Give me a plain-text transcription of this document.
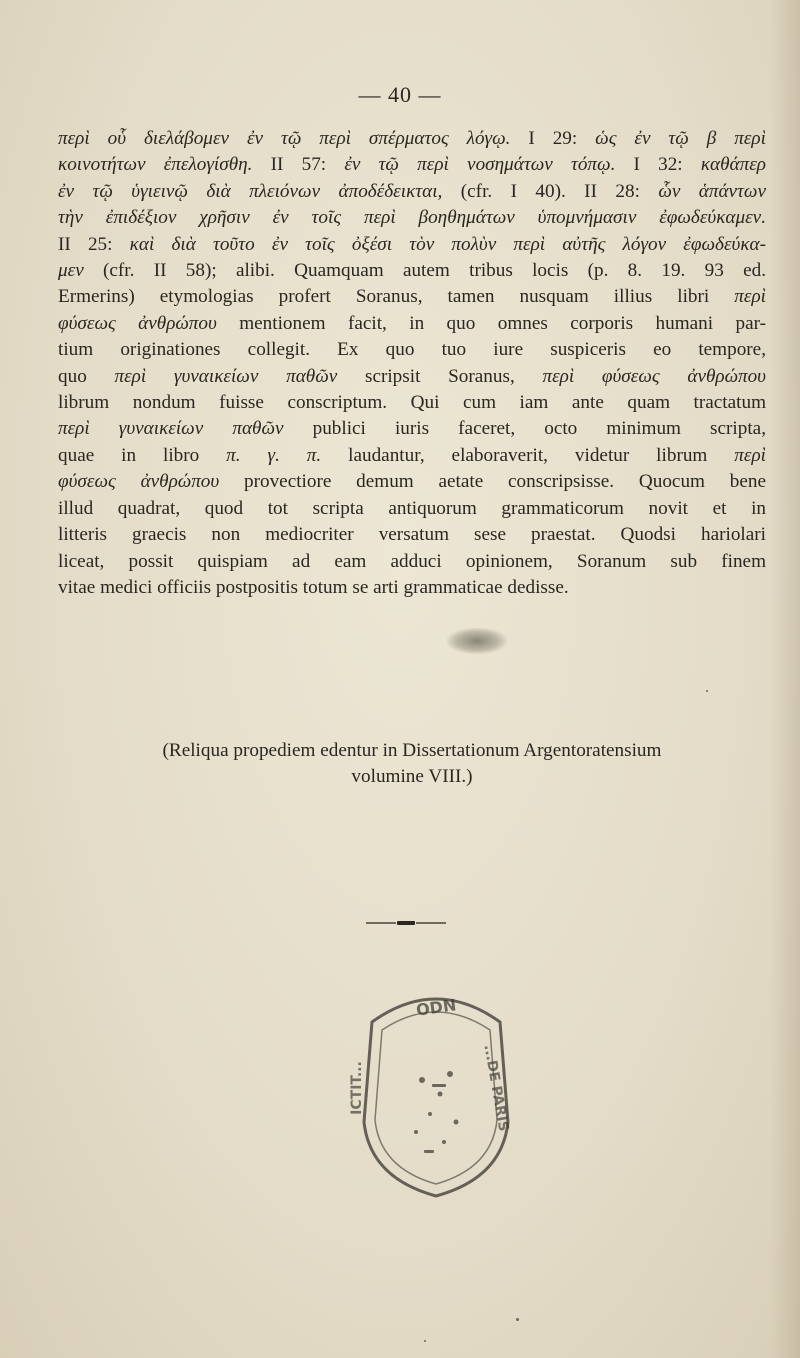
— 40 —
περὶ οὗ διελάβομεν ἐν τῷ περὶ σπέρματος λόγῳ. I 29: ὡς ἐν τῷ β περὶ
κοινοτήτων ἐπελογίσθη. II 57: ἐν τῷ περὶ νοσημάτων τόπῳ. I 32: καθάπερ
ἐν τῷ ὑγιεινῷ διὰ πλειόνων ἀποδέδεικται, (cfr. I 40). II 28: ὧν ἁπάντων
τὴν ἐπιδέξιον χρῆσιν ἐν τοῖς περὶ βοηθημάτων ὑπομνήμασιν ἐφωδεύκαμεν.
II 25: καὶ διὰ τοῦτο ἐν τοῖς ὀξέσι τὸν πολὺν περὶ αὐτῆς λόγον ἐφωδεύκα-
μεν (cfr. II 58); alibi. Quamquam autem tribus locis (p. 8. 19. 93 ed.
Ermerins) etymologias profert Soranus, tamen nusquam illius libri περὶ
φύσεως ἀνθρώπου mentionem facit, in quo omnes corporis humani par-
tium originationes collegit. Ex quo tuo iure suspiceris eo tempore,
quo περὶ γυναικείων παθῶν scripsit Soranus, περὶ φύσεως ἀνθρώπου
librum nondum fuisse conscriptum. Qui cum iam ante quam tractatum
περὶ γυναικείων παθῶν publici iuris faceret, octo minimum scripta,
quae in libro π. γ. π. laudantur, elaboraverit, videtur librum περὶ
φύσεως ἀνθρώπου provectiore demum aetate conscripsisse. Quocum bene
illud quadrat, quod tot scripta antiquorum grammaticorum novit et in
litteris graecis non mediocriter versatum sese praestat. Quodsi hariolari
liceat, possit quispiam ad eam adduci opinionem, Soranum sub finem
vitae medici officiis postpositis totum se arti grammaticae dedisse.
(Reliqua propediem edentur in Dissertationum Argentoratensium
volumine VIII.)
ODN
ICTIT...	...DE PARIS
